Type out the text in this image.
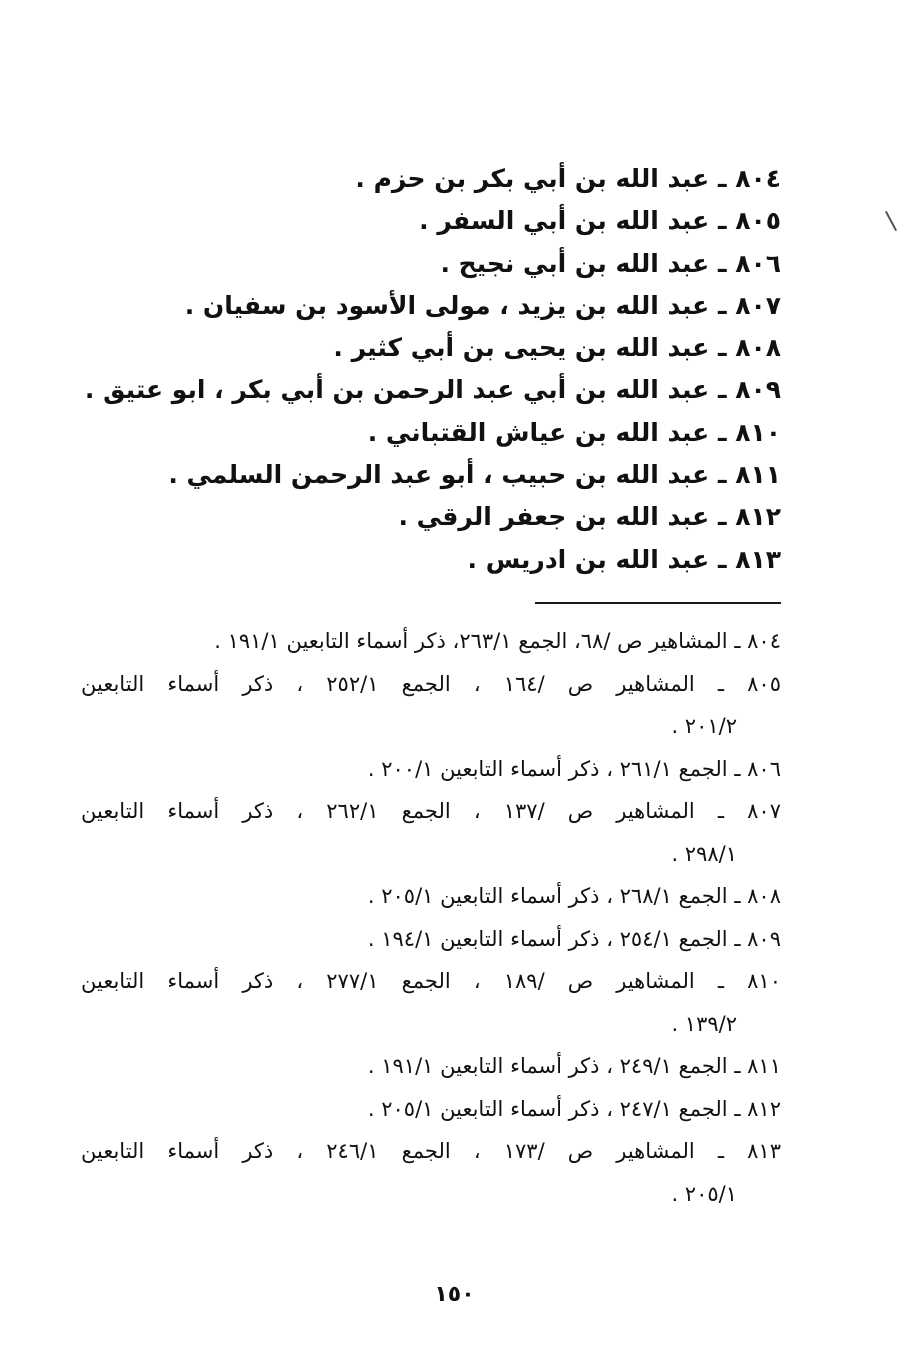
٨٠٤ ـ عبد الله بن أبي بكر بن حزم .
٨٠٥ ـ عبد الله بن أبي السفر .
٨٠٦ ـ عبد الله بن أبي نجيح .
٨٠٧ ـ عبد الله بن يزيد ، مولى الأسود بن سفيان .
٨٠٨ ـ عبد الله بن يحيى بن أبي كثير .
٨٠٩ ـ عبد الله بن أبي عبد الرحمن بن أبي بكر ، ابو عتيق .
٨١٠ ـ عبد الله بن عياش القتباني .
٨١١ ـ عبد الله بن حبيب ، أبو عبد الرحمن السلمي .
٨١٢ ـ عبد الله بن جعفر الرقي .
٨١٣ ـ عبد الله بن ادريس .
٨٠٤ ـ المشاهير ص /٦٨، الجمع ٢٦٣/١، ذكر أسماء التابعين ١٩١/١ .
٨٠٥ ـ المشاهير ص /١٦٤ ، الجمع ٢٥٢/١ ، ذكر أسماء التابعين
٢٠١/٢ .
٨٠٦ ـ الجمع ٢٦١/١ ، ذكر أسماء التابعين ٢٠٠/١ .
٨٠٧ ـ المشاهير ص /١٣٧ ، الجمع ٢٦٢/١ ، ذكر أسماء التابعين
٢٩٨/١ .
٨٠٨ ـ الجمع ٢٦٨/١ ، ذكر أسماء التابعين ٢٠٥/١ .
٨٠٩ ـ الجمع ٢٥٤/١ ، ذكر أسماء التابعين ١٩٤/١ .
٨١٠ ـ المشاهير ص /١٨٩ ، الجمع ٢٧٧/١ ، ذكر أسماء التابعين
١٣٩/٢ .
٨١١ ـ الجمع ٢٤٩/١ ، ذكر أسماء التابعين ١٩١/١ .
٨١٢ ـ الجمع ٢٤٧/١ ، ذكر أسماء التابعين ٢٠٥/١ .
٨١٣ ـ المشاهير ص /١٧٣ ، الجمع ٢٤٦/١ ، ذكر أسماء التابعين
٢٠٥/١ .
١٥٠
